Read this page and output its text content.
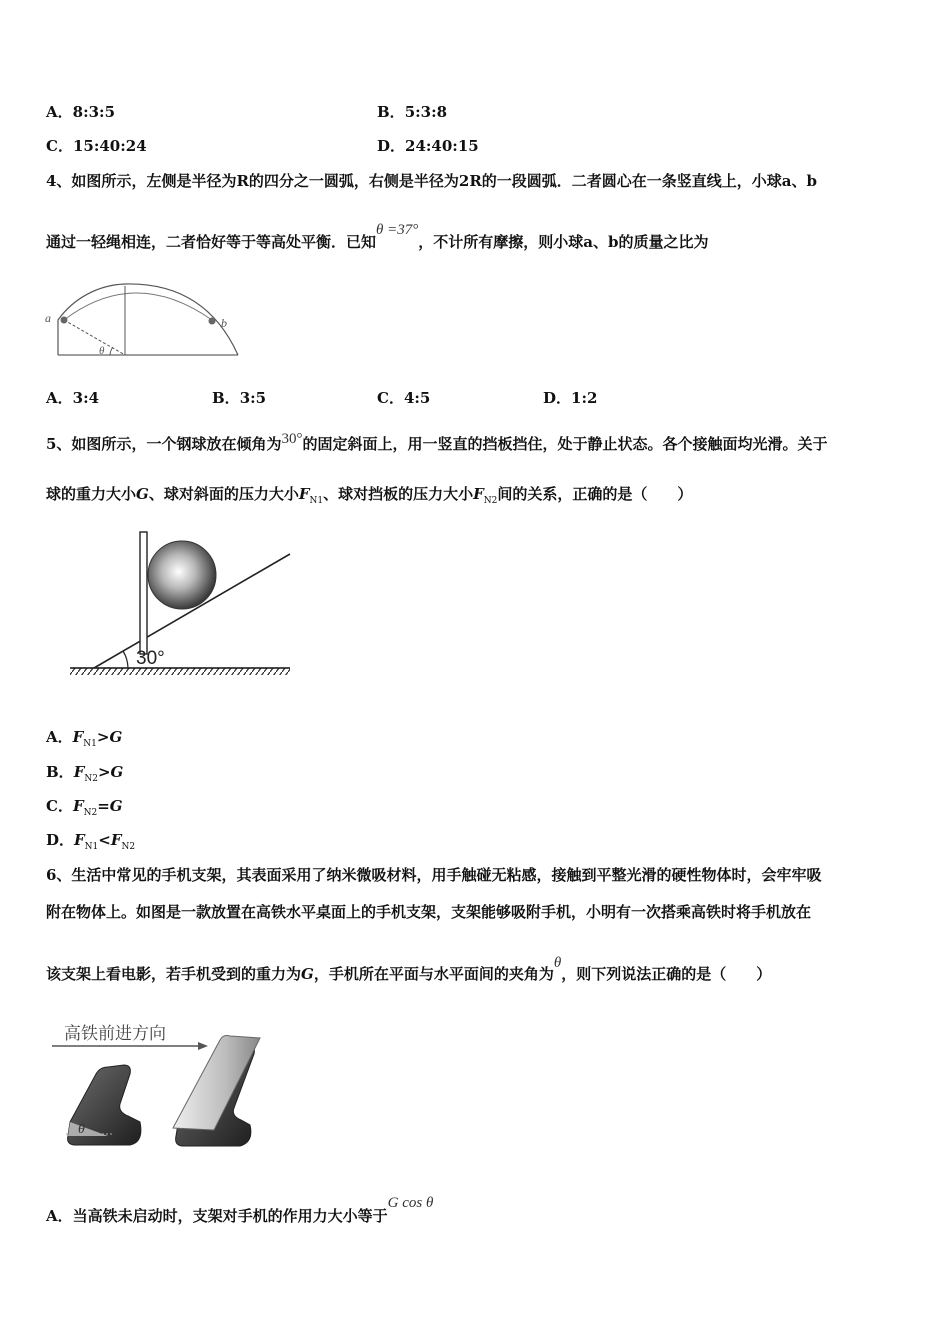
A．8:3:5	B．5:3:8
C．15:40:24	D．24:40:15
4、如图所示，左侧是半径为R的四分之一圆弧，右侧是半径为2R的一段圆弧．二者圆心在一条竖直线上，小球a、b
通过一轻绳相连，二者恰好等于等高处平衡．已知θ =37°，不计所有摩擦，则小球a、b的质量之比为
a	b
θ
A．3:4	B．3:5	C．4:5	D．1:2
5、如图所示，一个钢球放在倾角为30°的固定斜面上，用一竖直的挡板挡住，处于静止状态。各个接触面均光滑。关于
球的重力大小G、球对斜面的压力大小$F_{N1}$、球对挡板的压力大小$F_{N2}$间的关系，正确的是（　　）
30°
A．$F_{N1}>G$
B．$F_{N2}>G$
C．$F_{N2}=G$
D．$F_{N1}<F_{N2}$
6、生活中常见的手机支架，其表面采用了纳米微吸材料，用手触碰无粘感，接触到平整光滑的硬性物体时，会牢牢吸
附在物体上。如图是一款放置在高铁水平桌面上的手机支架，支架能够吸附手机，小明有一次搭乘高铁时将手机放在
该支架上看电影，若手机受到的重力为G，手机所在平面与水平面间的夹角为θ，则下列说法正确的是（　　）
高铁前进方向
θ
A．当高铁未启动时，支架对手机的作用力大小等于G cos θ
